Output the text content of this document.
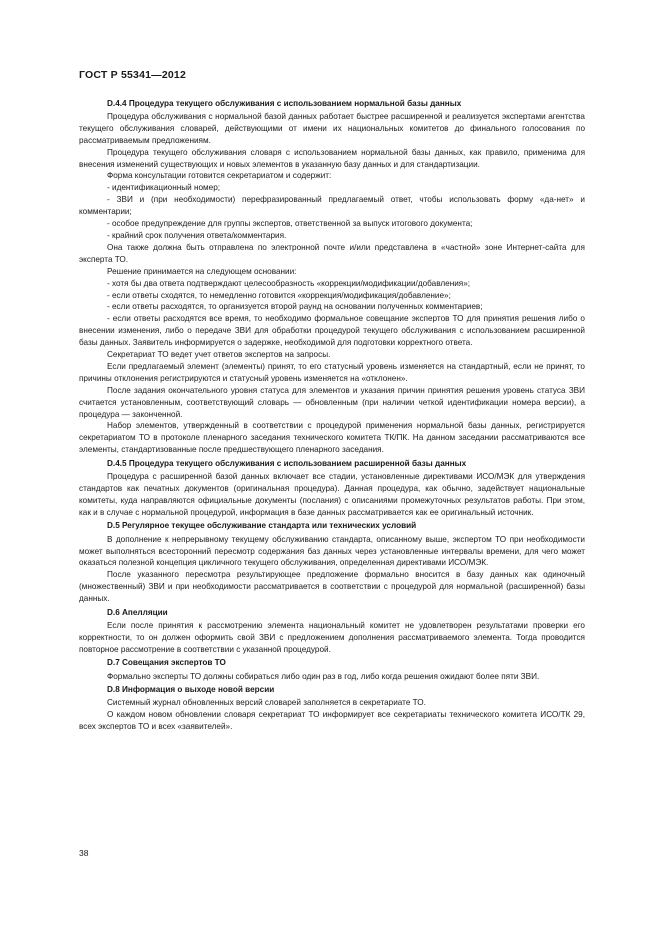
ГОСТ Р 55341—2012

D.4.4 Процедура текущего обслуживания с использованием нормальной базы данных

Процедура обслуживания с нормальной базой данных работает быстрее расширенной и реализуется экспертами агентства текущего обслуживания словарей, действующими от имени их национальных комитетов до финального голосования по рассматриваемым предложениям.

Процедура текущего обслуживания словаря с использованием нормальной базы данных, как правило, применима для внесения изменений существующих и новых элементов в указанную базу данных и для стандартизации.

Форма консультации готовится секретариатом и содержит:

- идентификационный номер;

- ЗВИ и (при необходимости) перефразированный предлагаемый ответ, чтобы использовать форму «да-нет» и комментарии;

- особое предупреждение для группы экспертов, ответственной за выпуск итогового документа;

- крайний срок получения ответа/комментария.

Она также должна быть отправлена по электронной почте и/или представлена в «частной» зоне Интернет-сайта для эксперта ТО.

Решение принимается на следующем основании:

- хотя бы два ответа подтверждают целесообразность «коррекции/модификации/добавления»;

- если ответы сходятся, то немедленно готовится «коррекция/модификация/добавление»;

- если ответы расходятся, то организуется второй раунд на основании полученных комментариев;

- если ответы расходятся все время, то необходимо формальное совещание экспертов ТО для принятия решения либо о внесении изменения, либо о передаче ЗВИ для обработки процедурой текущего обслуживания с использованием расширенной базы данных. Заявитель информируется о задержке, необходимой для подготовки корректного ответа.

Секретариат ТО ведет учет ответов экспертов на запросы.

Если предлагаемый элемент (элементы) принят, то его статусный уровень изменяется на стандартный, если не принят, то причины отклонения регистрируются и статусный уровень изменяется на «отклонен».

После задания окончательного уровня статуса для элементов и указания причин принятия решения уровень статуса ЗВИ считается установленным, соответствующий словарь — обновленным (при наличии четкой идентификации номера версии), а процедура — законченной.

Набор элементов, утвержденный в соответствии с процедурой применения нормальной базы данных, регистрируется секретариатом ТО в протоколе пленарного заседания технического комитета ТК/ПК. На данном заседании рассматриваются все элементы, стандартизованные после предшествующего пленарного заседания.

D.4.5 Процедура текущего обслуживания с использованием расширенной базы данных

Процедура с расширенной базой данных включает все стадии, установленные директивами ИСО/МЭК для утверждения стандартов как печатных документов (оригинальная процедура). Данная процедура, как обычно, задействует национальные комитеты, куда направляются официальные документы (послания) с описаниями промежуточных результатов работы. При этом, как и в случае с нормальной процедурой, информация в базе данных рассматривается как ее оригинальный источник.

D.5 Регулярное текущее обслуживание стандарта или технических условий

В дополнение к непрерывному текущему обслуживанию стандарта, описанному выше, экспертом ТО при необходимости может выполняться всесторонний пересмотр содержания баз данных через установленные интервалы времени, для чего может оказаться полезной концепция цикличного текущего обслуживания, определенная директивами ИСО/МЭК.

После указанного пересмотра результирующее предложение формально вносится в базу данных как одиночный (множественный) ЗВИ и при необходимости рассматривается в соответствии с процедурой для нормальной (расширенной) базы данных.

D.6 Апелляции

Если после принятия к рассмотрению элемента национальный комитет не удовлетворен результатами проверки его корректности, то он должен оформить свой ЗВИ с предложением дополнения рассматриваемого элемента. Тогда проводится повторное рассмотрение в соответствии с указанной процедурой.

D.7 Совещания экспертов ТО

Формально эксперты ТО должны собираться либо один раз в год, либо когда решения ожидают более пяти ЗВИ.

D.8 Информация о выходе новой версии

Системный журнал обновленных версий словарей заполняется в секретариате ТО.

О каждом новом обновлении словаря секретариат ТО информирует все секретариаты технического комитета ИСО/ТК 29, всех экспертов ТО и всех «заявителей».

38
